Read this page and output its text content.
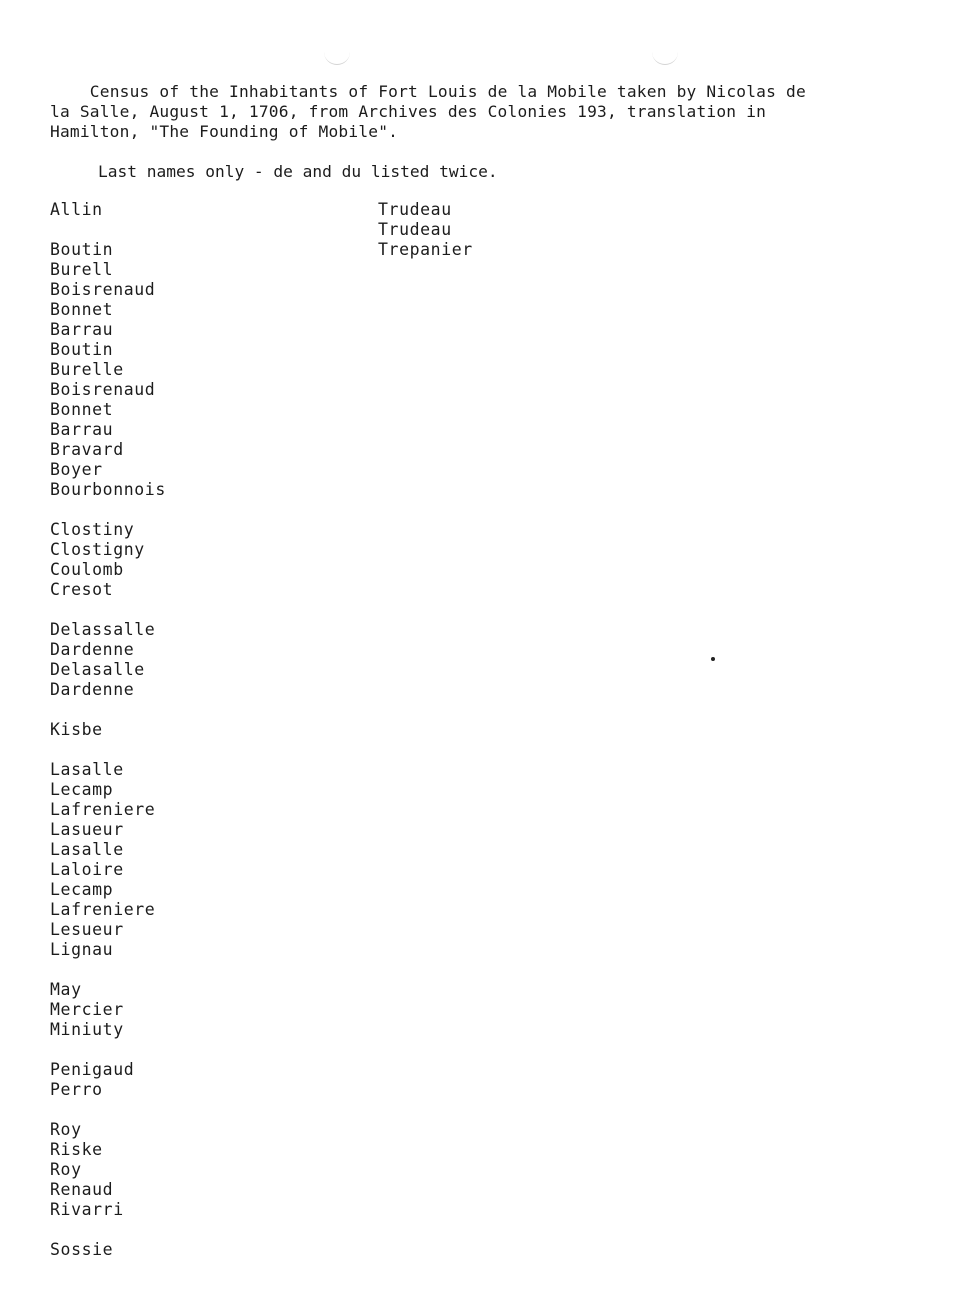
Census of the Inhabitants of Fort Louis de la Mobile taken by Nicolas de
la Salle, August 1, 1706, from Archives des Colonies 193, translation in
Hamilton, "The Founding of Mobile".

Last names only - de and du listed twice.

Allin
Boutin
Burell
Boisrenaud
Bonnet
Barrau
Boutin
Burelle
Boisrenaud
Bonnet
Barrau
Bravard
Boyer
Bourbonnois
Clostiny
Clostigny
Coulomb
Cresot
Delassalle
Dardenne
Delasalle
Dardenne
Kisbe
Lasalle
Lecamp
Lafreniere
Lasueur
Lasalle
Laloire
Lecamp
Lafreniere
Lesueur
Lignau
May
Mercier
Miniuty
Penigaud
Perro
Roy
Riske
Roy
Renaud
Rivarri
Sossie
Trudeau
Trudeau
Trepanier
